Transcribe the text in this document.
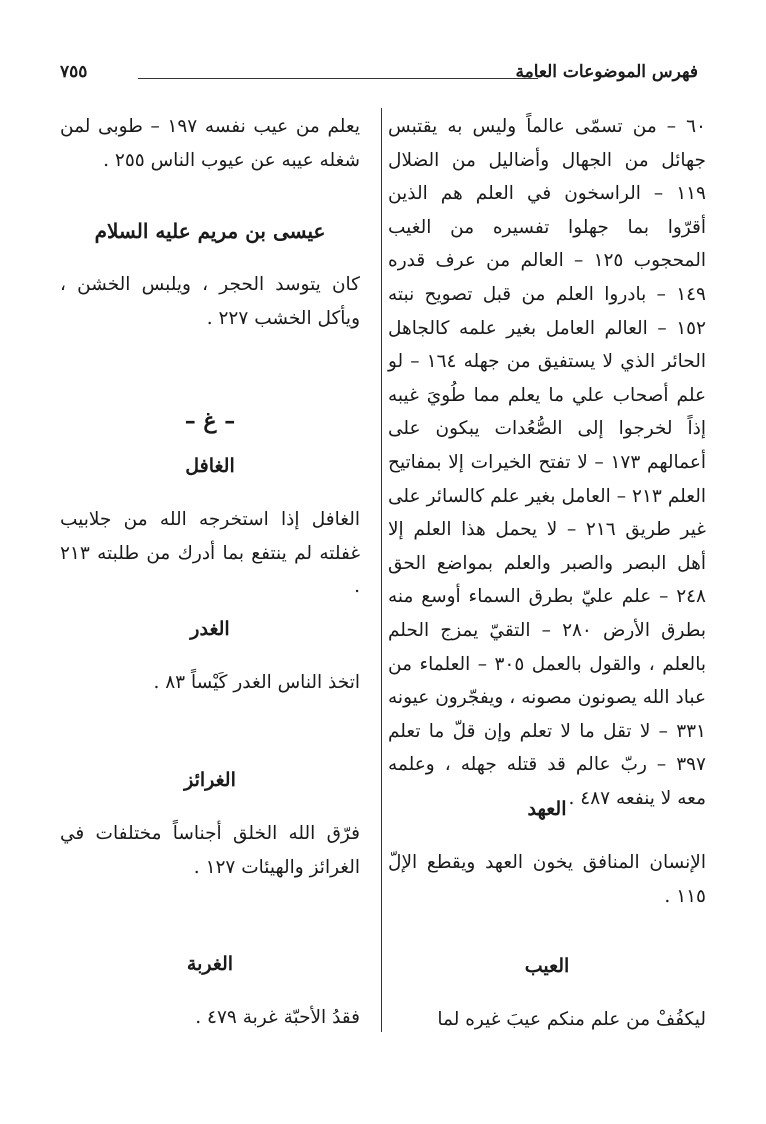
فهرس الموضوعات العامة
٧٥٥

٦٠ – من تسمّى عالماً وليس به يقتبس جهائل من الجهال وأضاليل من الضلال ١١٩ – الراسخون في العلم هم الذين أقرّوا بما جهلوا تفسيره من الغيب المحجوب ١٢٥ – العالم من عرف قدره ١٤٩ – بادروا العلم من قبل تصويح نبته ١٥٢ – العالم العامل بغير علمه كالجاهل الحائر الذي لا يستفيق من جهله ١٦٤ – لو علم أصحاب علي ما يعلم مما طُويَ غيبه إذاً لخرجوا إلى الصُّعُدات يبكون على أعمالهم ١٧٣ – لا تفتح الخيرات إلا بمفاتيح العلم ٢١٣ – العامل بغير علم كالسائر على غير طريق ٢١٦ – لا يحمل هذا العلم إلا أهل البصر والصبر والعلم بمواضع الحق ٢٤٨ – علم عليّ بطرق السماء أوسع منه بطرق الأرض ٢٨٠ – التقيّ يمزج الحلم بالعلم ، والقول بالعمل ٣٠٥ – العلماء من عباد الله يصونون مصونه ، ويفجّرون عيونه ٣٣١ – لا تقل ما لا تعلم وإن قلّ ما تعلم ٣٩٧ – ربّ عالم قد قتله جهله ، وعلمه معه لا ينفعه ٤٨٧ .

العهد

الإنسان المنافق يخون العهد ويقطع الإلّ ١١٥ .

العيب

ليكفُفْ من علم منكم عيبَ غيره لما

يعلم من عيب نفسه ١٩٧ – طوبى لمن شغله عيبه عن عيوب الناس ٢٥٥ .

عيسى بن مريم عليه السلام

كان يتوسد الحجر ، ويلبس الخشن ، ويأكل الخشب ٢٢٧ .

– غ –

الغافل

الغافل إذا استخرجه الله من جلابيب غفلته لم ينتفع بما أدرك من طلبته ٢١٣ .

الغدر

اتخذ الناس الغدر كَيْساً ٨٣ .

الغرائز

فرّق الله الخلق أجناساً مختلفات في الغرائز والهيئات ١٢٧ .

الغربة

فقدُ الأحبّة غربة ٤٧٩ .
